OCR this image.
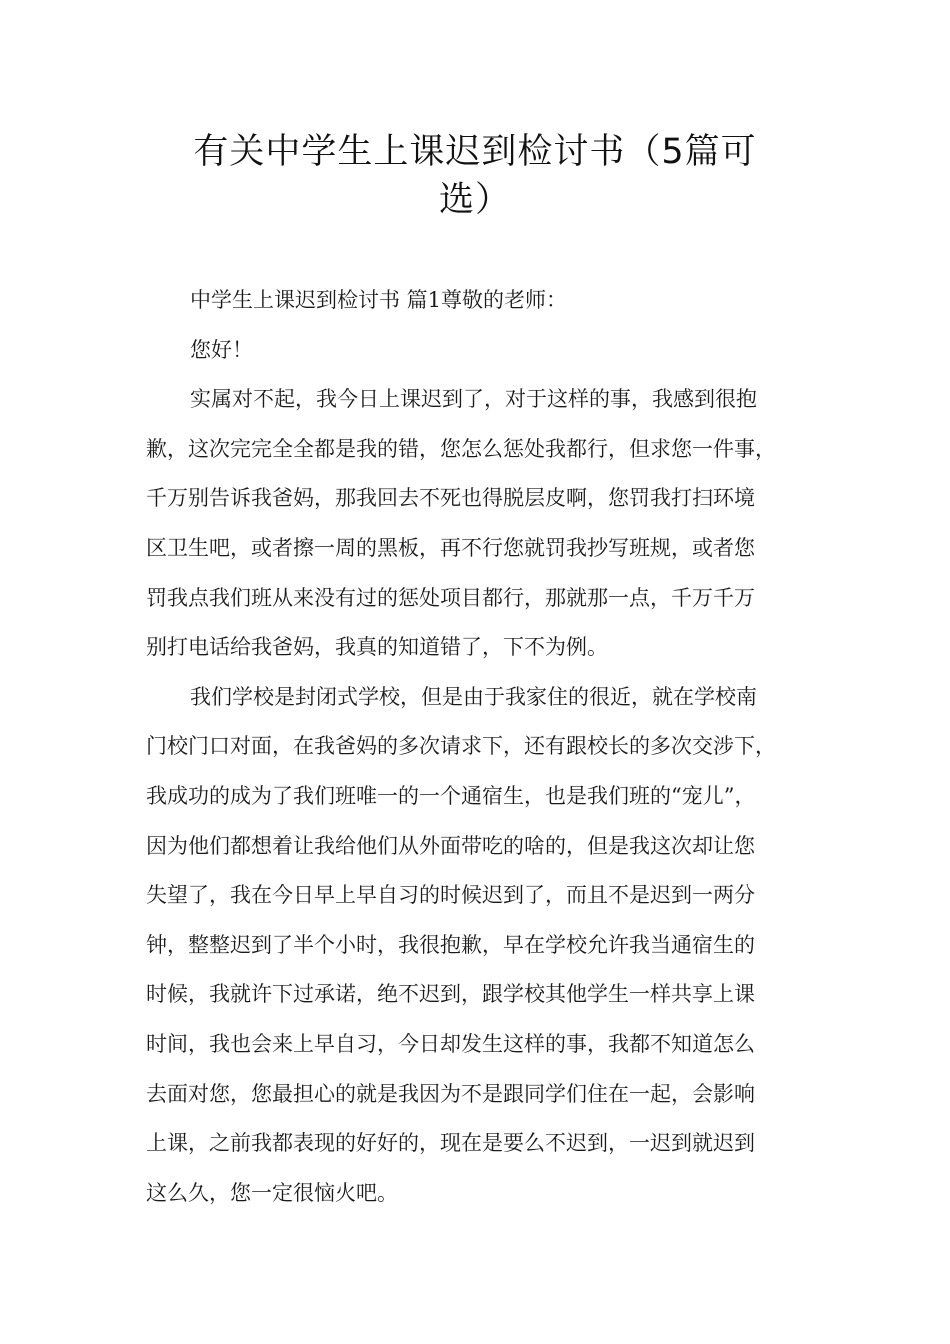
有关中学生上课迟到检讨书（5篇可
选）
中学生上课迟到检讨书 篇1尊敬的老师：
您好！
实属对不起，我今日上课迟到了，对于这样的事，我感到很抱
歉，这次完完全全都是我的错，您怎么惩处我都行，但求您一件事，
千万别告诉我爸妈，那我回去不死也得脱层皮啊，您罚我打扫环境
区卫生吧，或者擦一周的黑板，再不行您就罚我抄写班规，或者您
罚我点我们班从来没有过的惩处项目都行，那就那一点，千万千万
别打电话给我爸妈，我真的知道错了，下不为例。
我们学校是封闭式学校，但是由于我家住的很近，就在学校南
门校门口对面，在我爸妈的多次请求下，还有跟校长的多次交涉下，
我成功的成为了我们班唯一的一个通宿生，也是我们班的“宠儿”，
因为他们都想着让我给他们从外面带吃的啥的，但是我这次却让您
失望了，我在今日早上早自习的时候迟到了，而且不是迟到一两分
钟，整整迟到了半个小时，我很抱歉，早在学校允许我当通宿生的
时候，我就许下过承诺，绝不迟到，跟学校其他学生一样共享上课
时间，我也会来上早自习，今日却发生这样的事，我都不知道怎么
去面对您，您最担心的就是我因为不是跟同学们住在一起，会影响
上课，之前我都表现的好好的，现在是要么不迟到，一迟到就迟到
这么久，您一定很恼火吧。
